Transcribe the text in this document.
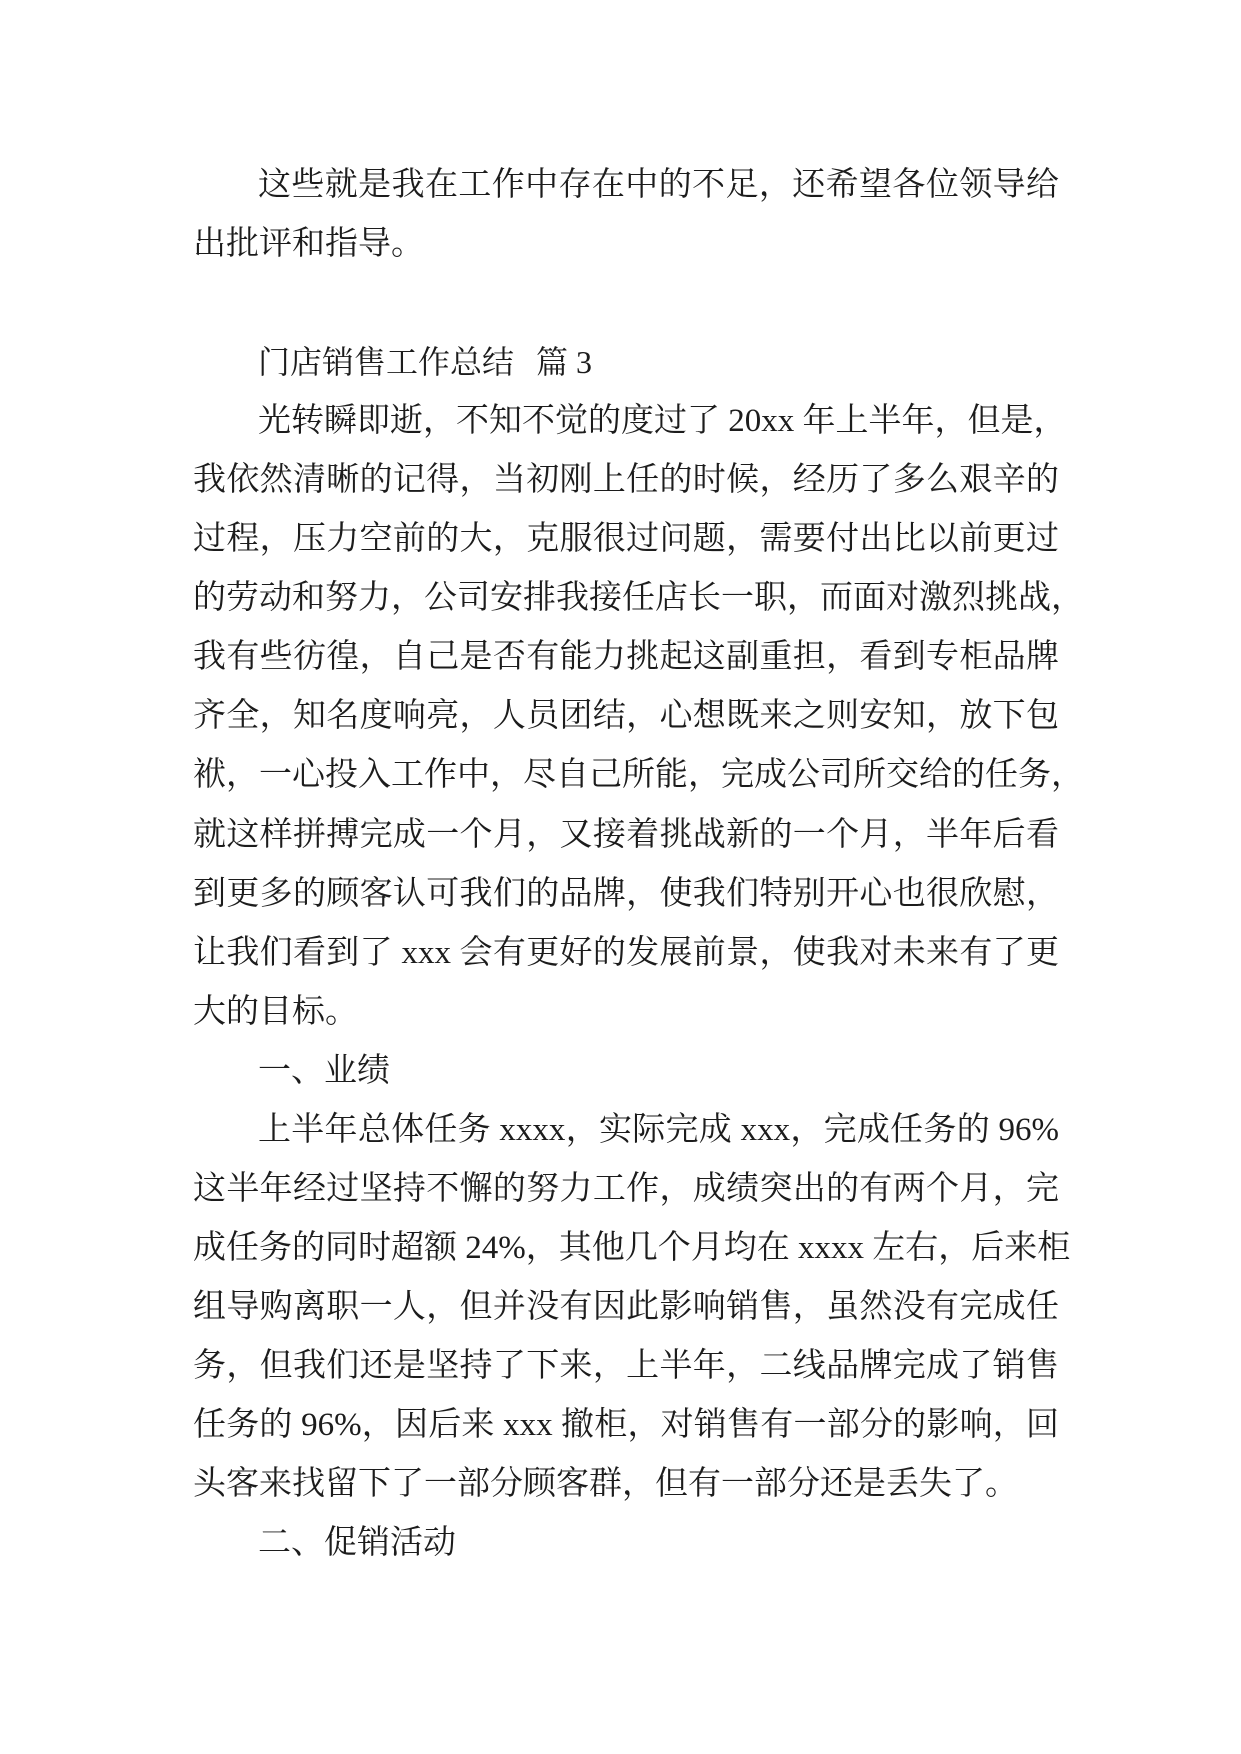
这些就是我在工作中存在中的不足，还希望各位领导给
出批评和指导。
门店销售工作总结 篇 3
光转瞬即逝，不知不觉的度过了 20xx 年上半年，但是，
我依然清晰的记得，当初刚上任的时候，经历了多么艰辛的
过程，压力空前的大，克服很过问题，需要付出比以前更过
的劳动和努力，公司安排我接任店长一职，而面对激烈挑战，
我有些彷徨，自己是否有能力挑起这副重担，看到专柜品牌
齐全，知名度响亮，人员团结，心想既来之则安知，放下包
袱，一心投入工作中，尽自己所能，完成公司所交给的任务，
就这样拼搏完成一个月，又接着挑战新的一个月，半年后看
到更多的顾客认可我们的品牌，使我们特别开心也很欣慰，
让我们看到了 xxx 会有更好的发展前景，使我对未来有了更
大的目标。
一、业绩
上半年总体任务 xxxx，实际完成 xxx，完成任务的 96%
这半年经过坚持不懈的努力工作，成绩突出的有两个月，完
成任务的同时超额 24%，其他几个月均在 xxxx 左右，后来柜
组导购离职一人，但并没有因此影响销售，虽然没有完成任
务，但我们还是坚持了下来，上半年，二线品牌完成了销售
任务的 96%，因后来 xxx 撤柜，对销售有一部分的影响，回
头客来找留下了一部分顾客群，但有一部分还是丢失了。
二、促销活动
